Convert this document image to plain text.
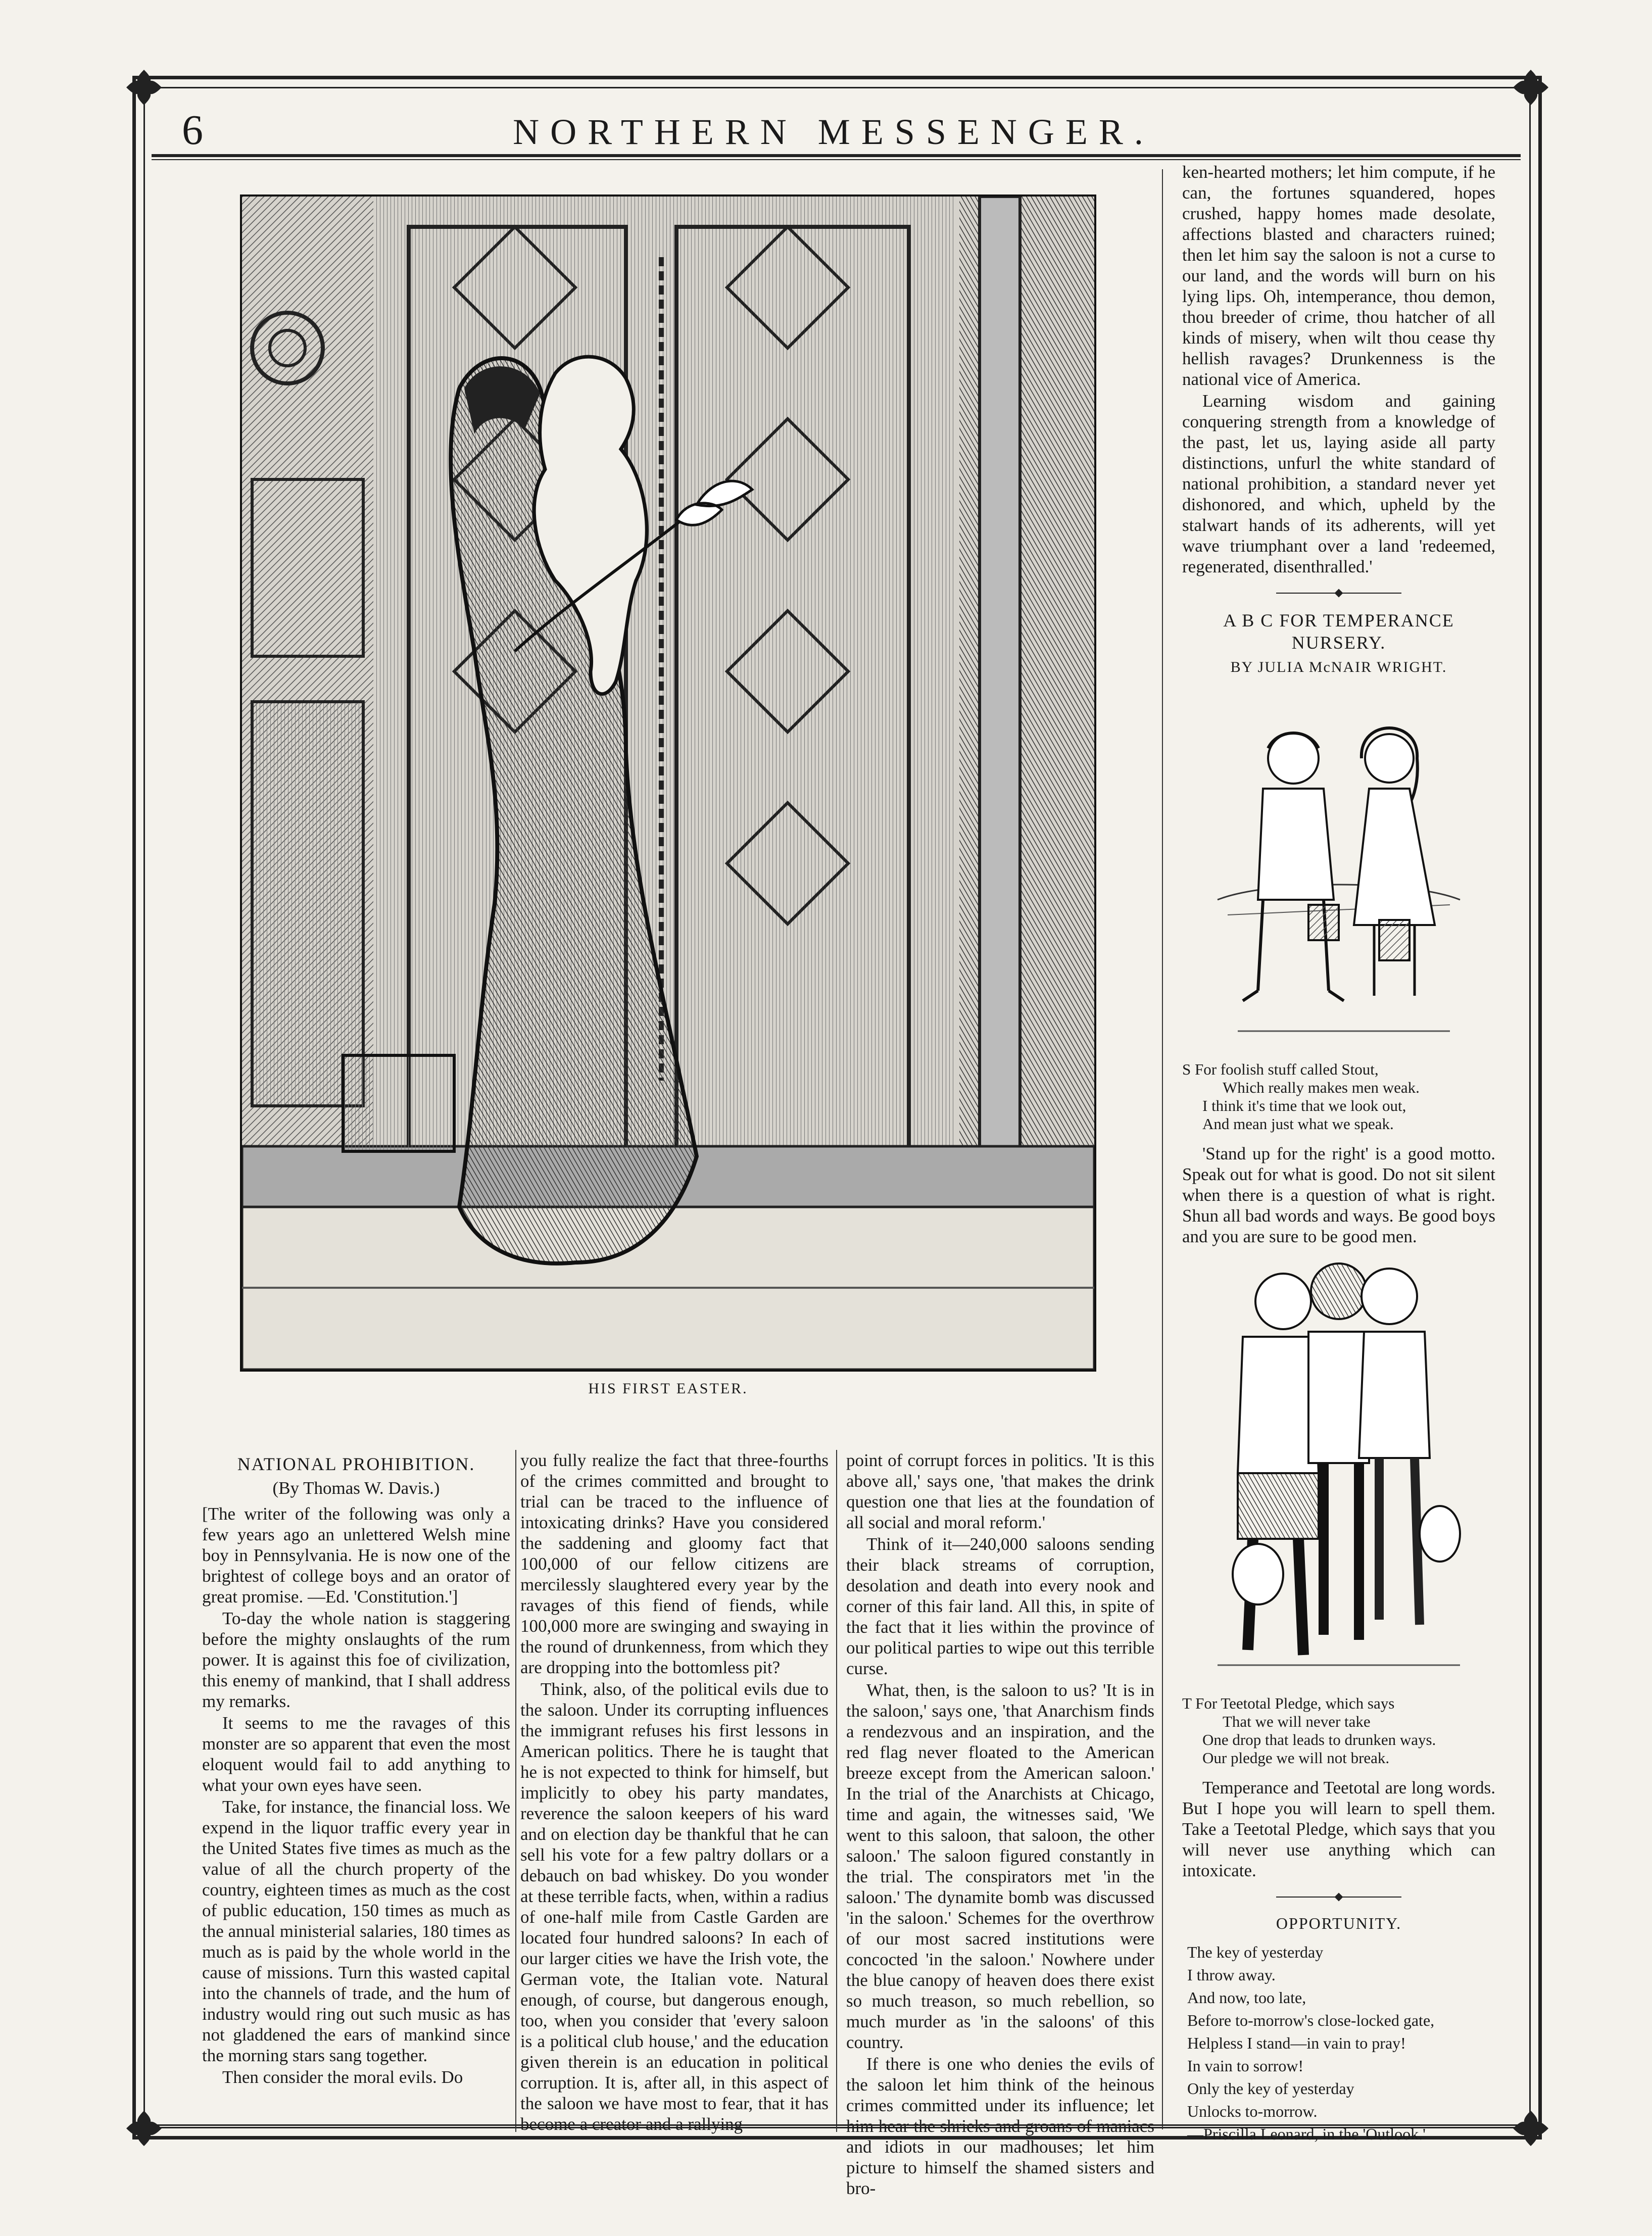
6	NORTHERN MESSENGER.
HIS FIRST EASTER.
NATIONAL PROHIBITION.
(By Thomas W. Davis.)

[The writer of the following was only a few years ago an unlettered Welsh mine boy in Pennsylvania. He is now one of the brightest of college boys and an orator of great promise. —Ed. 'Constitution.']

To-day the whole nation is staggering before the mighty onslaughts of the rum power. It is against this foe of civilization, this enemy of mankind, that I shall address my remarks.

It seems to me the ravages of this monster are so apparent that even the most eloquent would fail to add anything to what your own eyes have seen.

Take, for instance, the financial loss. We expend in the liquor traffic every year in the United States five times as much as the value of all the church property of the country, eighteen times as much as the cost of public education, 150 times as much as the annual ministerial salaries, 180 times as much as is paid by the whole world in the cause of missions. Turn this wasted capital into the channels of trade, and the hum of industry would ring out such music as has not gladdened the ears of mankind since the morning stars sang together.

Then consider the moral evils. Do

you fully realize the fact that three-fourths of the crimes committed and brought to trial can be traced to the influence of intoxicating drinks? Have you considered the saddening and gloomy fact that 100,000 of our fellow citizens are mercilessly slaughtered every year by the ravages of this fiend of fiends, while 100,000 more are swinging and swaying in the round of drunkenness, from which they are dropping into the bottomless pit?

Think, also, of the political evils due to the saloon. Under its corrupting influences the immigrant refuses his first lessons in American politics. There he is taught that he is not expected to think for himself, but implicitly to obey his party mandates, reverence the saloon keepers of his ward and on election day be thankful that he can sell his vote for a few paltry dollars or a debauch on bad whiskey. Do you wonder at these terrible facts, when, within a radius of one-half mile from Castle Garden are located four hundred saloons? In each of our larger cities we have the Irish vote, the German vote, the Italian vote. Natural enough, of course, but dangerous enough, too, when you consider that 'every saloon is a political club house,' and the education given therein is an education in political corruption. It is, after all, in this aspect of the saloon we have most to fear, that it has become a creator and a rallying

point of corrupt forces in politics. 'It is this above all,' says one, 'that makes the drink question one that lies at the foundation of all social and moral reform.'

Think of it—240,000 saloons sending their black streams of corruption, desolation and death into every nook and corner of this fair land. All this, in spite of the fact that it lies within the province of our political parties to wipe out this terrible curse.

What, then, is the saloon to us? 'It is in the saloon,' says one, 'that Anarchism finds a rendezvous and an inspiration, and the red flag never floated to the American breeze except from the American saloon.' In the trial of the Anarchists at Chicago, time and again, the witnesses said, 'We went to this saloon, that saloon, the other saloon.' The saloon figured constantly in the trial. The conspirators met 'in the saloon.' The dynamite bomb was discussed 'in the saloon.' Schemes for the overthrow of our most sacred institutions were concocted 'in the saloon.' Nowhere under the blue canopy of heaven does there exist so much treason, so much rebellion, so much murder as 'in the saloons' of this country.

If there is one who denies the evils of the saloon let him think of the heinous crimes committed under its influence; let him hear the shrieks and groans of maniacs and idiots in our madhouses; let him picture to himself the shamed sisters and bro-

ken-hearted mothers; let him compute, if he can, the fortunes squandered, hopes crushed, happy homes made desolate, affections blasted and characters ruined; then let him say the saloon is not a curse to our land, and the words will burn on his lying lips. Oh, intemperance, thou demon, thou breeder of crime, thou hatcher of all kinds of misery, when wilt thou cease thy hellish ravages? Drunkenness is the national vice of America.

Learning wisdom and gaining conquering strength from a knowledge of the past, let us, laying aside all party distinctions, unfurl the white standard of national prohibition, a standard never yet dishonored, and which, upheld by the stalwart hands of its adherents, will yet wave triumphant over a land 'redeemed, regenerated, disenthralled.'

A B C FOR TEMPERANCE NURSERY.
BY JULIA McNAIR WRIGHT.
S For foolish stuff called Stout,
Which really makes men weak.
I think it's time that we look out,
And mean just what we speak.

'Stand up for the right' is a good motto. Speak out for what is good. Do not sit silent when there is a question of what is right. Shun all bad words and ways. Be good boys and you are sure to be good men.

T For Teetotal Pledge, which says
That we will never take
One drop that leads to drunken ways.
Our pledge we will not break.

Temperance and Teetotal are long words. But I hope you will learn to spell them. Take a Teetotal Pledge, which says that you will never use anything which can intoxicate.

OPPORTUNITY.
The key of yesterday
I throw away.
And now, too late,
Before to-morrow's close-locked gate,
Helpless I stand—in vain to pray!
In vain to sorrow!
Only the key of yesterday
Unlocks to-morrow.
—Priscilla Leonard, in the 'Outlook.'
